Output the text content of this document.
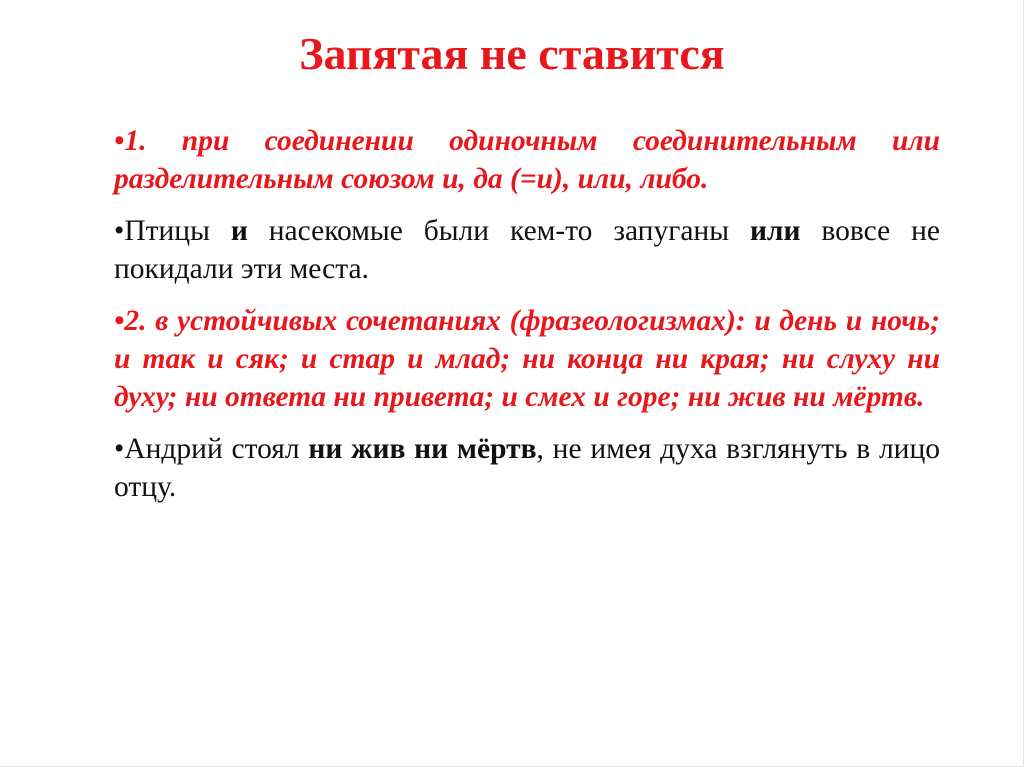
Запятая не ставится

•1. при соединении одиночным соединительным или разделительным союзом и, да (=и), или, либо.

•Птицы и насекомые были кем-то запуганы или вовсе не покидали эти места.

•2. в устойчивых сочетаниях (фразеологизмах): и день и ночь; и так и сяк; и стар и млад; ни конца ни края; ни слуху ни духу; ни ответа ни привета; и смех и горе; ни жив ни мёртв.

•Андрий стоял ни жив ни мёртв, не имея духа взглянуть в лицо отцу.
